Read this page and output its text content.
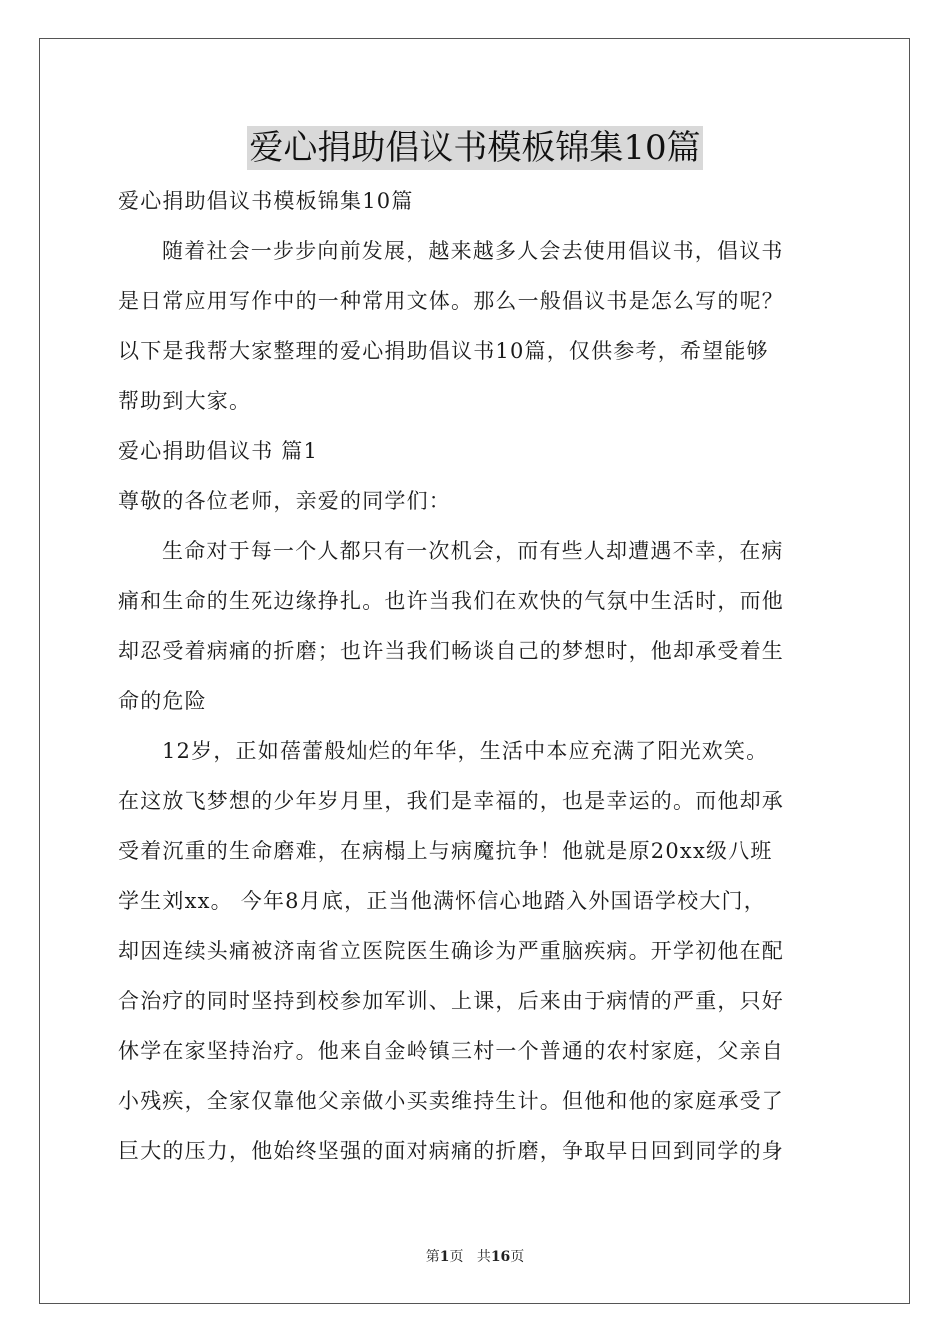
爱心捐助倡议书模板锦集10篇
爱心捐助倡议书模板锦集10篇
随着社会一步步向前发展，越来越多人会去使用倡议书，倡议书
是日常应用写作中的一种常用文体。那么一般倡议书是怎么写的呢？
以下是我帮大家整理的爱心捐助倡议书10篇，仅供参考，希望能够
帮助到大家。
爱心捐助倡议书 篇1
尊敬的各位老师，亲爱的同学们：
生命对于每一个人都只有一次机会，而有些人却遭遇不幸，在病
痛和生命的生死边缘挣扎。也许当我们在欢快的气氛中生活时，而他
却忍受着病痛的折磨；也许当我们畅谈自己的梦想时，他却承受着生
命的危险
12岁，正如蓓蕾般灿烂的年华，生活中本应充满了阳光欢笑。
在这放飞梦想的少年岁月里，我们是幸福的，也是幸运的。而他却承
受着沉重的生命磨难，在病榻上与病魔抗争！他就是原20xx级八班
学生刘xx。 今年8月底，正当他满怀信心地踏入外国语学校大门，
却因连续头痛被济南省立医院医生确诊为严重脑疾病。开学初他在配
合治疗的同时坚持到校参加军训、上课，后来由于病情的严重，只好
休学在家坚持治疗。他来自金岭镇三村一个普通的农村家庭，父亲自
小残疾，全家仅靠他父亲做小买卖维持生计。但他和他的家庭承受了
巨大的压力，他始终坚强的面对病痛的折磨，争取早日回到同学的身
第1页 共16页
